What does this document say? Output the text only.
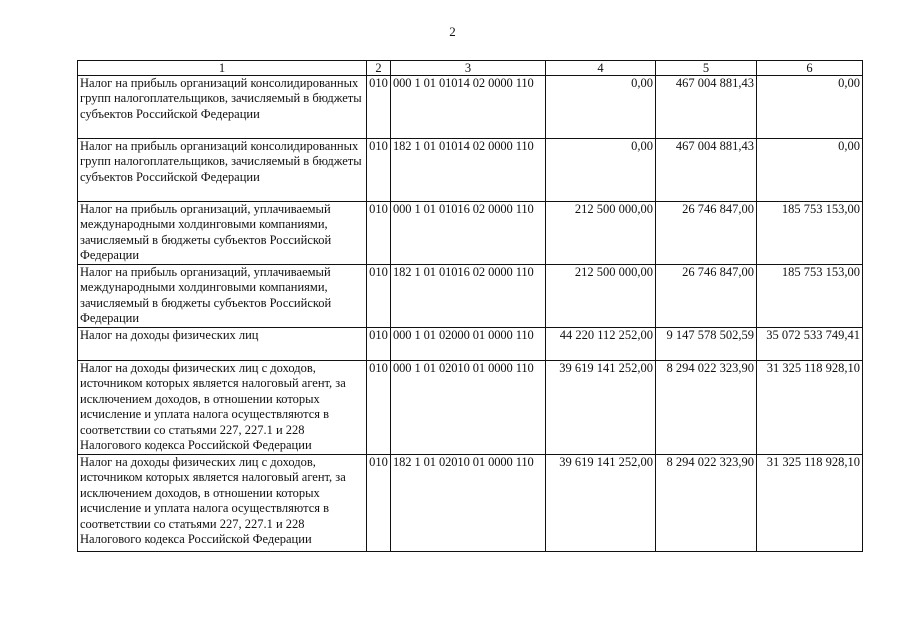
2
1	2	3	4	5	6
Налог на прибыль организаций консолидированных групп налогоплательщиков, зачисляемый в бюджеты субъектов Российской Федерации	010	000 1 01 01014 02 0000 110	0,00	467 004 881,43	0,00
Налог на прибыль организаций консолидированных групп налогоплательщиков, зачисляемый в бюджеты субъектов Российской Федерации	010	182 1 01 01014 02 0000 110	0,00	467 004 881,43	0,00
Налог на прибыль организаций, уплачиваемый международными холдинговыми компаниями, зачисляемый в бюджеты субъектов Российской Федерации	010	000 1 01 01016 02 0000 110	212 500 000,00	26 746 847,00	185 753 153,00
Налог на прибыль организаций, уплачиваемый международными холдинговыми компаниями, зачисляемый в бюджеты субъектов Российской Федерации	010	182 1 01 01016 02 0000 110	212 500 000,00	26 746 847,00	185 753 153,00
Налог на доходы физических лиц	010	000 1 01 02000 01 0000 110	44 220 112 252,00	9 147 578 502,59	35 072 533 749,41
Налог на доходы физических лиц с доходов, источником которых является налоговый агент, за исключением доходов, в отношении которых исчисление и уплата налога осуществляются в соответствии со статьями 227, 227.1 и 228 Налогового кодекса Российской Федерации	010	000 1 01 02010 01 0000 110	39 619 141 252,00	8 294 022 323,90	31 325 118 928,10
Налог на доходы физических лиц с доходов, источником которых является налоговый агент, за исключением доходов, в отношении которых исчисление и уплата налога осуществляются в соответствии со статьями 227, 227.1 и 228 Налогового кодекса Российской Федерации	010	182 1 01 02010 01 0000 110	39 619 141 252,00	8 294 022 323,90	31 325 118 928,10
